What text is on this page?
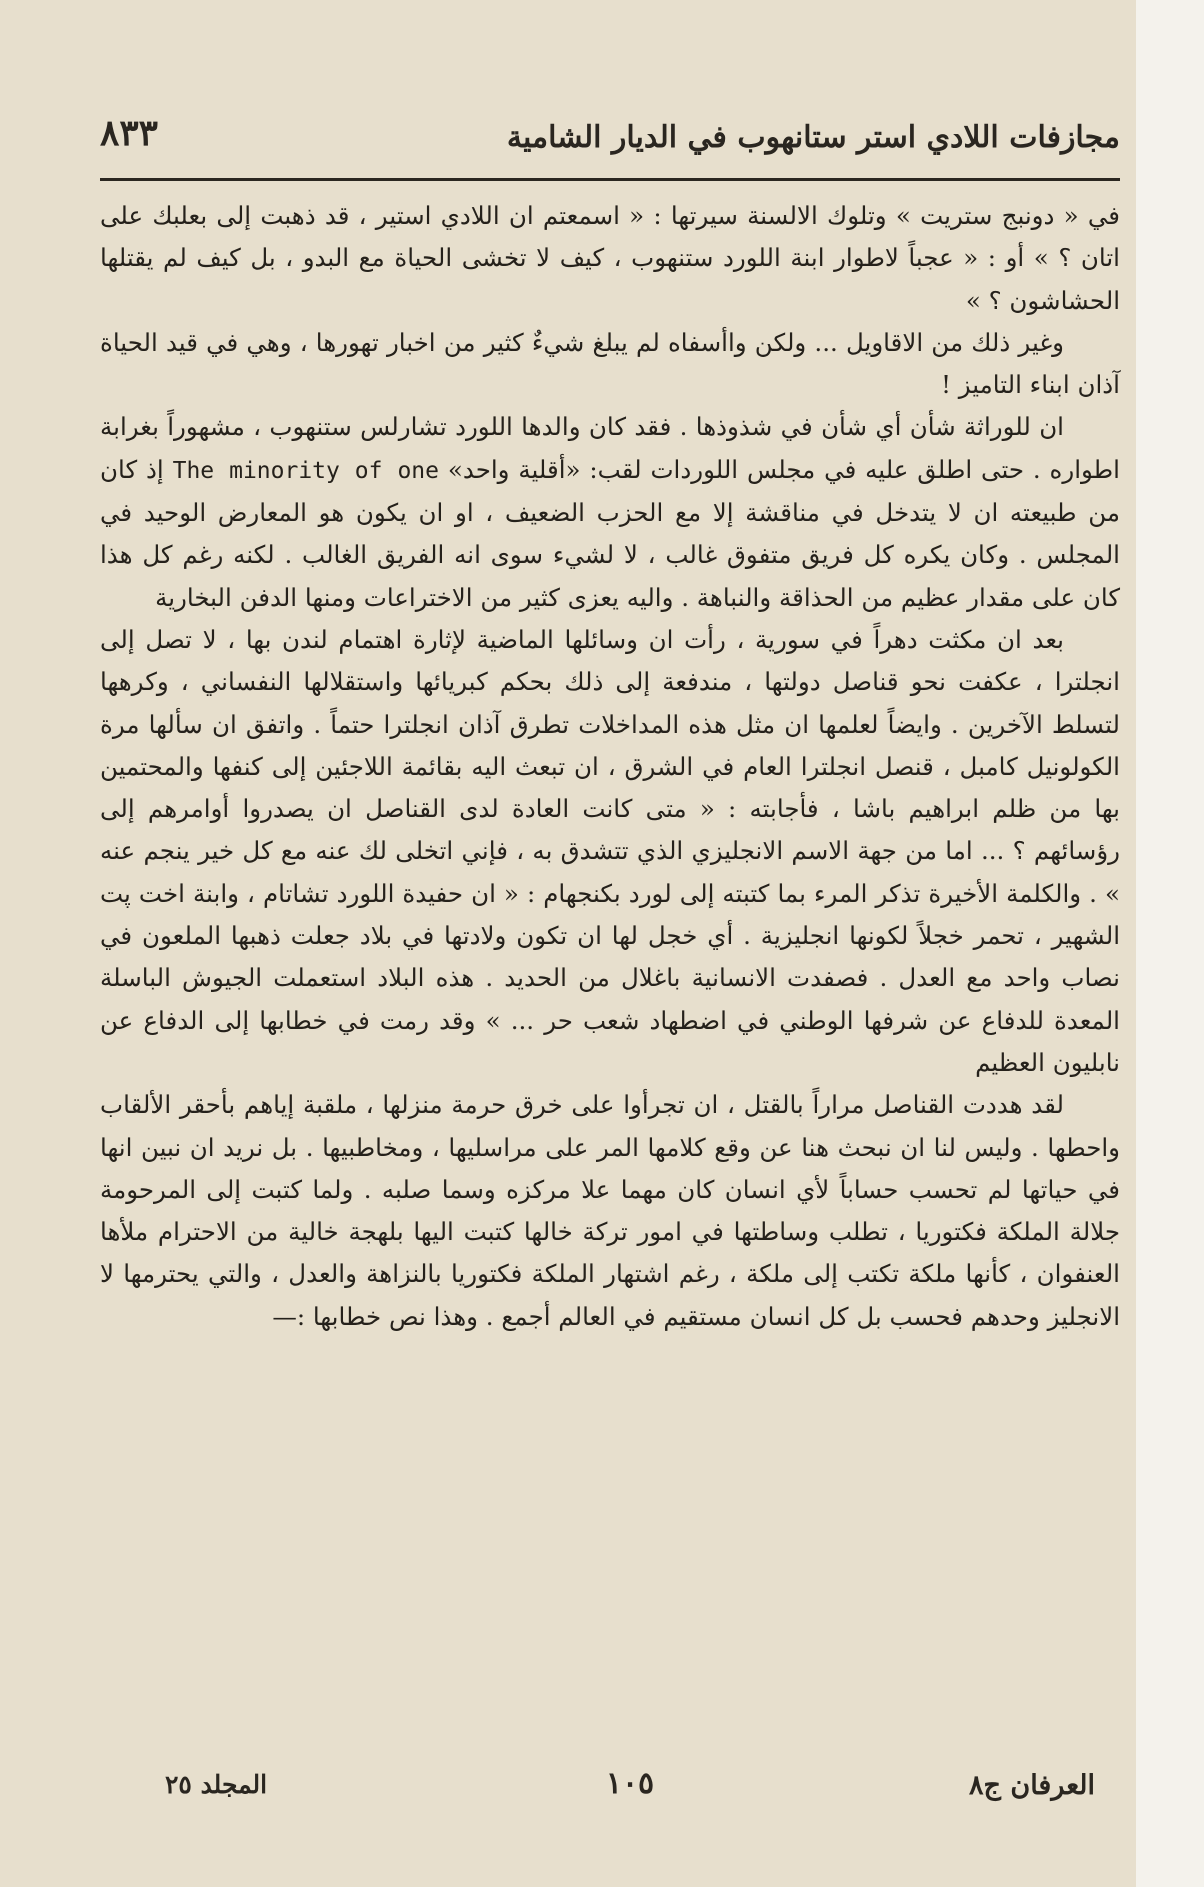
مجازفات اللادي استر ستانهوب في الديار الشامية
٨٣٣

في « دونبج ستريت » وتلوك الالسنة سيرتها : « اسمعتم ان اللادي استير ، قد ذهبت إلى بعلبك على اتان ؟ » أو : « عجباً لاطوار ابنة اللورد ستنهوب ، كيف لا تخشى الحياة مع البدو ، بل كيف لم يقتلها الحشاشون ؟ »

وغير ذلك من الاقاويل ... ولكن واأسفاه لم يبلغ شيءٌ كثير من اخبار تهورها ، وهي في قيد الحياة آذان ابناء التاميز !

ان للوراثة شأن أي شأن في شذوذها . فقد كان والدها اللورد تشارلس ستنهوب ، مشهوراً بغرابة اطواره . حتى اطلق عليه في مجلس اللوردات لقب: «أقلية واحد» The minority of one إذ كان من طبيعته ان لا يتدخل في مناقشة إلا مع الحزب الضعيف ، او ان يكون هو المعارض الوحيد في المجلس . وكان يكره كل فريق متفوق غالب ، لا لشيء سوى انه الفريق الغالب . لكنه رغم كل هذا كان على مقدار عظيم من الحذاقة والنباهة . واليه يعزى كثير من الاختراعات ومنها الدفن البخارية

بعد ان مكثت دهراً في سورية ، رأت ان وسائلها الماضية لإثارة اهتمام لندن بها ، لا تصل إلى انجلترا ، عكفت نحو قناصل دولتها ، مندفعة إلى ذلك بحكم كبريائها واستقلالها النفساني ، وكرهها لتسلط الآخرين . وايضاً لعلمها ان مثل هذه المداخلات تطرق آذان انجلترا حتماً . واتفق ان سألها مرة الكولونيل كامبل ، قنصل انجلترا العام في الشرق ، ان تبعث اليه بقائمة اللاجئين إلى كنفها والمحتمين بها من ظلم ابراهيم باشا ، فأجابته : « متى كانت العادة لدى القناصل ان يصدروا أوامرهم إلى رؤسائهم ؟ ... اما من جهة الاسم الانجليزي الذي تتشدق به ، فإني اتخلى لك عنه مع كل خير ينجم عنه » . والكلمة الأخيرة تذكر المرء بما كتبته إلى لورد بكنجهام : « ان حفيدة اللورد تشاتام ، وابنة اخت پت الشهير ، تحمر خجلاً لكونها انجليزية . أي خجل لها ان تكون ولادتها في بلاد جعلت ذهبها الملعون في نصاب واحد مع العدل . فصفدت الانسانية باغلال من الحديد . هذه البلاد استعملت الجيوش الباسلة المعدة للدفاع عن شرفها الوطني في اضطهاد شعب حر ... » وقد رمت في خطابها إلى الدفاع عن نابليون العظيم

لقد هددت القناصل مراراً بالقتل ، ان تجرأوا على خرق حرمة منزلها ، ملقبة إياهم بأحقر الألقاب واحطها . وليس لنا ان نبحث هنا عن وقع كلامها المر على مراسليها ، ومخاطبيها . بل نريد ان نبين انها في حياتها لم تحسب حساباً لأي انسان كان مهما علا مركزه وسما صلبه . ولما كتبت إلى المرحومة جلالة الملكة فكتوريا ، تطلب وساطتها في امور تركة خالها كتبت اليها بلهجة خالية من الاحترام ملأها العنفوان ، كأنها ملكة تكتب إلى ملكة ، رغم اشتهار الملكة فكتوريا بالنزاهة والعدل ، والتي يحترمها لا الانجليز وحدهم فحسب بل كل انسان مستقيم في العالم أجمع . وهذا نص خطابها :—

العرفان ج٨
١٠٥
المجلد ٢٥
